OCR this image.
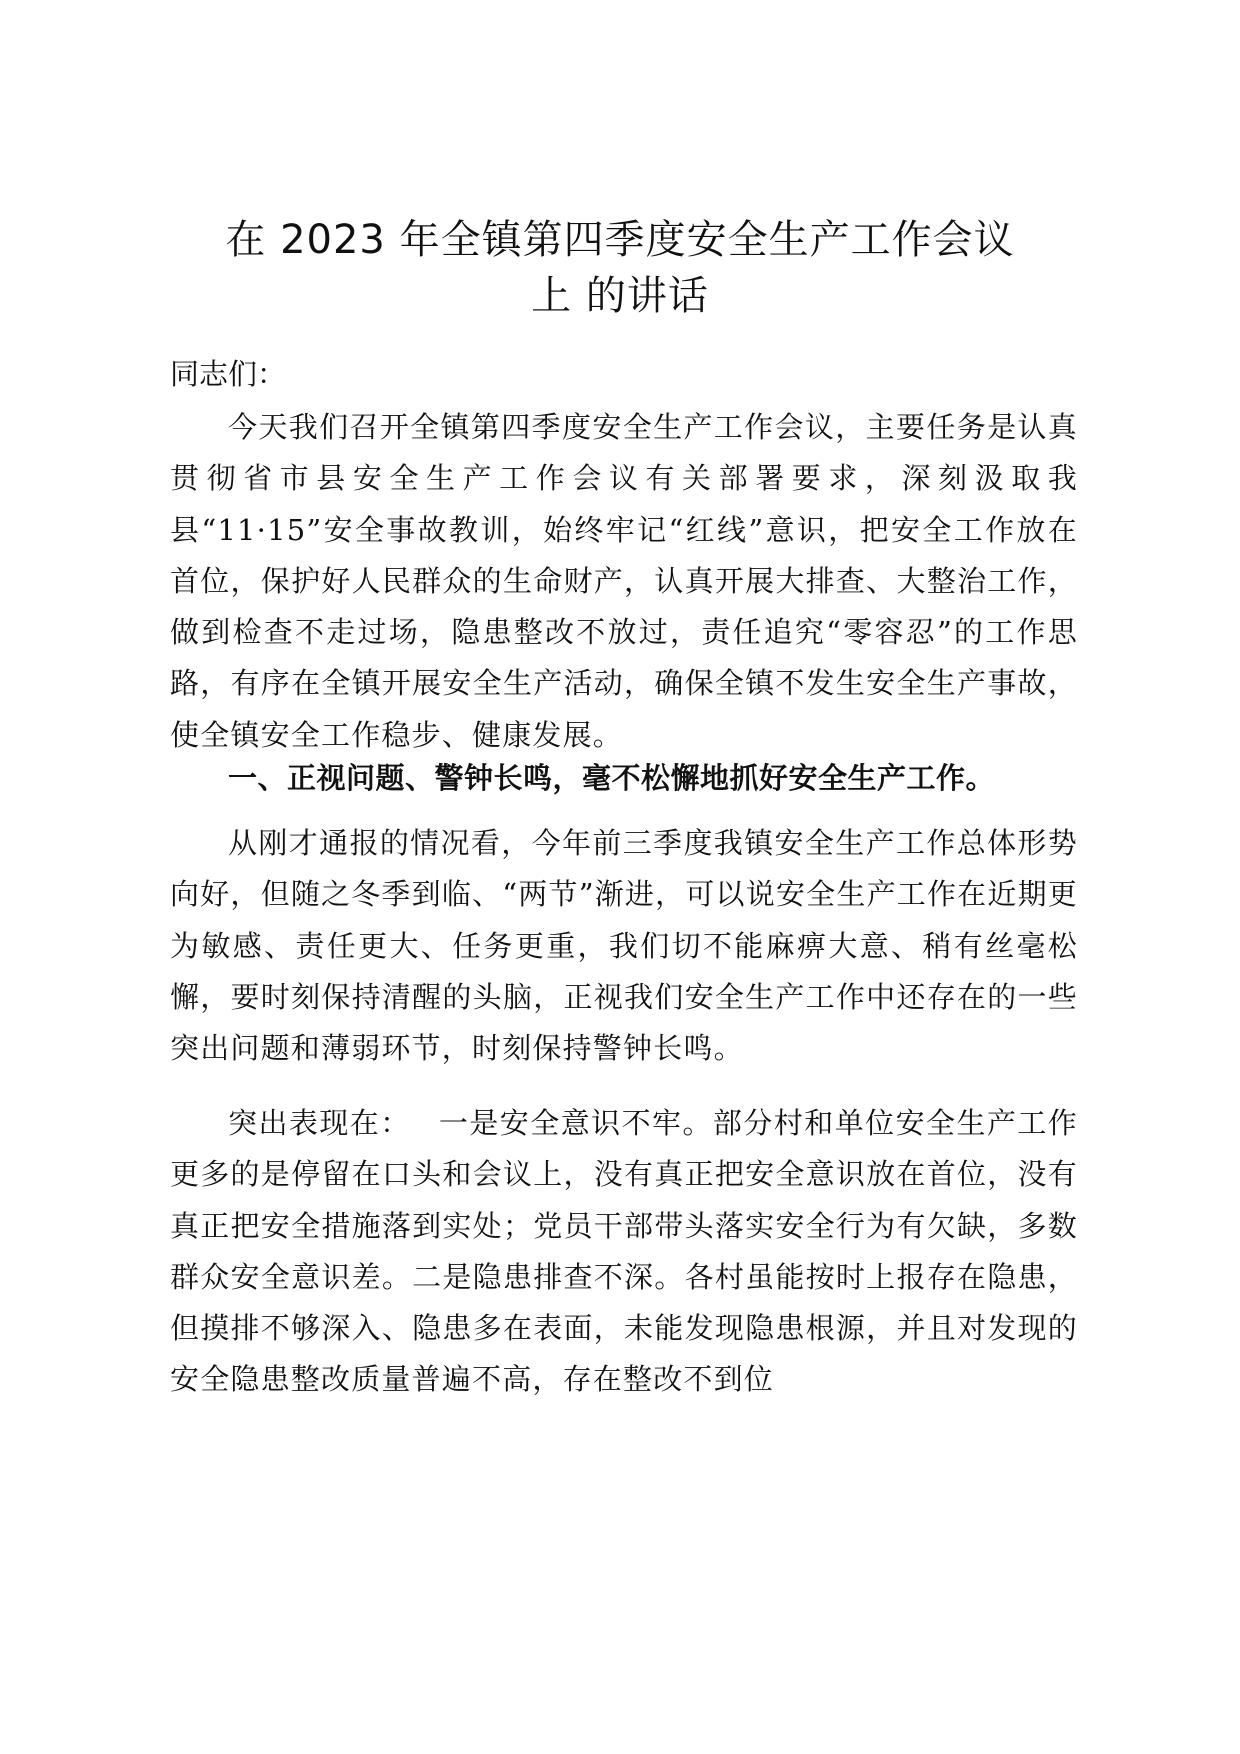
在 2023 年全镇第四季度安全生产工作会议
上 的讲话
同志们：

今天我们召开全镇第四季度安全生产工作会议，主要任务是认真贯彻省市县安全生产工作会议有关部署要求，深刻汲取我县“11·15”安全事故教训，始终牢记“红线”意识，把安全工作放在首位，保护好人民群众的生命财产，认真开展大排查、大整治工作，做到检查不走过场，隐患整改不放过，责任追究“零容忍”的工作思路，有序在全镇开展安全生产活动，确保全镇不发生安全生产事故，使全镇安全工作稳步、健康发展。

一、正视问题、警钟长鸣，毫不松懈地抓好安全生产工作。

从刚才通报的情况看，今年前三季度我镇安全生产工作总体形势向好，但随之冬季到临、“两节”渐进，可以说安全生产工作在近期更为敏感、责任更大、任务更重，我们切不能麻痹大意、稍有丝毫松懈，要时刻保持清醒的头脑，正视我们安全生产工作中还存在的一些突出问题和薄弱环节，时刻保持警钟长鸣。

突出表现在： 一是安全意识不牢。部分村和单位安全生产工作更多的是停留在口头和会议上，没有真正把安全意识放在首位，没有真正把安全措施落到实处；党员干部带头落实安全行为有欠缺，多数群众安全意识差。二是隐患排查不深。各村虽能按时上报存在隐患，但摸排不够深入、隐患多在表面，未能发现隐患根源，并且对发现的安全隐患整改质量普遍不高，存在整改不到位
